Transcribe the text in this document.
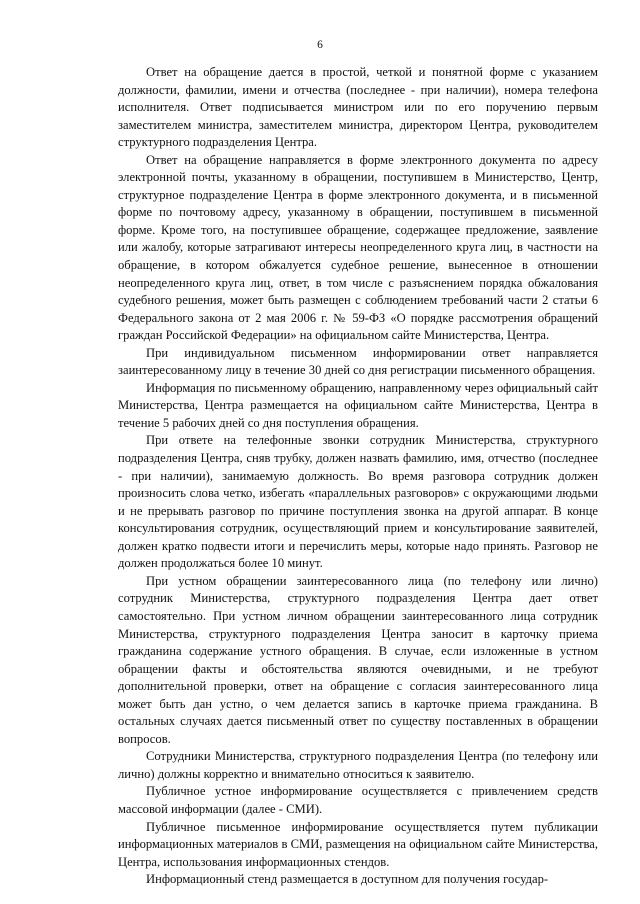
6

Ответ на обращение дается в простой, четкой и понятной форме с указанием должности, фамилии, имени и отчества (последнее - при наличии), номера телефона исполнителя. Ответ подписывается министром или по его поручению первым заместителем министра, заместителем министра, директором Центра, руководителем структурного подразделения Центра.

Ответ на обращение направляется в форме электронного документа по адресу электронной почты, указанному в обращении, поступившем в Министерство, Центр, структурное подразделение Центра в форме электронного документа, и в письменной форме по почтовому адресу, указанному в обращении, поступившем в письменной форме. Кроме того, на поступившее обращение, содержащее предложение, заявление или жалобу, которые затрагивают интересы неопределенного круга лиц, в частности на обращение, в котором обжалуется судебное решение, вынесенное в отношении неопределенного круга лиц, ответ, в том числе с разъяснением порядка обжалования судебного решения, может быть размещен с соблюдением требований части 2 статьи 6 Федерального закона от 2 мая 2006 г. № 59-ФЗ «О порядке рассмотрения обращений граждан Российской Федерации» на официальном сайте Министерства, Центра.

При индивидуальном письменном информировании ответ направляется заинтересованному лицу в течение 30 дней со дня регистрации письменного обращения.

Информация по письменному обращению, направленному через официальный сайт Министерства, Центра размещается на официальном сайте Министерства, Центра в течение 5 рабочих дней со дня поступления обращения.

При ответе на телефонные звонки сотрудник Министерства, структурного подразделения Центра, сняв трубку, должен назвать фамилию, имя, отчество (последнее - при наличии), занимаемую должность. Во время разговора сотрудник должен произносить слова четко, избегать «параллельных разговоров» с окружающими людьми и не прерывать разговор по причине поступления звонка на другой аппарат. В конце консультирования сотрудник, осуществляющий прием и консультирование заявителей, должен кратко подвести итоги и перечислить меры, которые надо принять. Разговор не должен продолжаться более 10 минут.

При устном обращении заинтересованного лица (по телефону или лично) сотрудник Министерства, структурного подразделения Центра дает ответ самостоятельно. При устном личном обращении заинтересованного лица сотрудник Министерства, структурного подразделения Центра заносит в карточку приема гражданина содержание устного обращения. В случае, если изложенные в устном обращении факты и обстоятельства являются очевидными, и не требуют дополнительной проверки, ответ на обращение с согласия заинтересованного лица может быть дан устно, о чем делается запись в карточке приема гражданина. В остальных случаях дается письменный ответ по существу поставленных в обращении вопросов.

Сотрудники Министерства, структурного подразделения Центра (по телефону или лично) должны корректно и внимательно относиться к заявителю.

Публичное устное информирование осуществляется с привлечением средств массовой информации (далее - СМИ).

Публичное письменное информирование осуществляется путем публикации информационных материалов в СМИ, размещения на официальном сайте Министерства, Центра, использования информационных стендов.

Информационный стенд размещается в доступном для получения государ-
